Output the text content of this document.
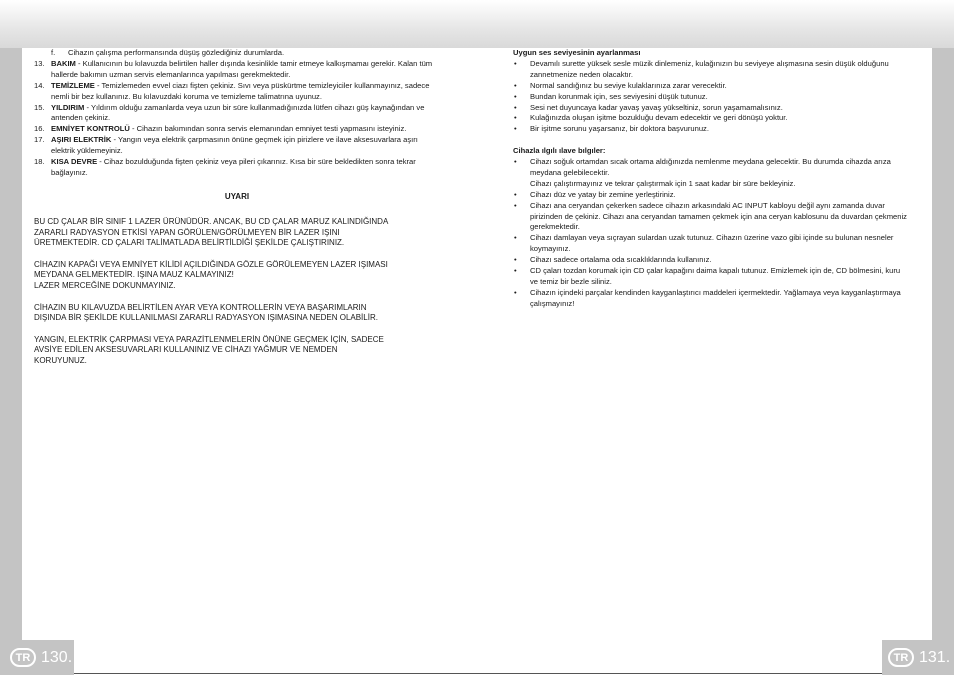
f. Cihazın çalışma performansında düşüş gözlediğiniz durumlarda.
13. BAKIM - Kullanıcının bu kılavuzda belirtilen haller dışında kesinlikle tamir etmeye kalkışmamaı gerekir. Kalan tüm hallerde bakımın uzman servis elemanlarınca yapılması gerekmektedir.
14. TEMİZLEME - Temizlemeden evvel ciazı fişten çekiniz. Sıvı veya püskürtme temizleyiciler kullanmayınız, sadece nemli bir bez kullanınız. Bu kılavuzdaki koruma ve temizleme talimatrına uyunuz.
15. YILDIRIM - Yıldırım olduğu zamanlarda veya uzun bir süre kullanmadığınızda lütfen cihazı güş kaynağından ve antenden çekiniz.
16. EMNİYET KONTROLÜ - Cihazın bakımından sonra servis elemanından emniyet testi yapmasını isteyiniz.
17. AŞIRI ELEKTRİK - Yangın veya elektrik çarpmasının önüne geçmek için pirizlere ve ilave aksesuvarlara aşırı elektrik yüklemeyiniz.
18. KISA DEVRE - Cihaz bozulduğunda fişten çekiniz veya pileri çıkarınız. Kısa bir süre bekledikten sonra tekrar bağlayınız.
UYARI

BU CD ÇALAR BİR SINIF 1 LAZER ÜRÜNÜDÜR. ANCAK, BU CD ÇALAR MARUZ KALINDIĞINDA
ZARARLI RADYASYON ETKİSİ YAPAN GÖRÜLEN/GÖRÜLMEYEN BİR LAZER IŞINI
ÜRETMEKTEDİR. CD ÇALARI TALİMATLADA BELİRTİLDİĞİ ŞEKİLDE ÇALIŞTIRINIZ.

CİHAZIN KAPAĞI VEYA EMNİYET KİLİDİ AÇILDIĞINDA GÖZLE GÖRÜLEMEYEN LAZER IŞIMASI
MEYDANA GELMEKTEDİR. IŞINA MAUZ KALMAYINIZ!
LAZER MERCEĞİNE DOKUNMAYINIZ.

CİHAZIN BU KILAVUZDA BELİRTİLEN AYAR VEYA KONTROLLERİN VEYA BAŞARIMLARIN
DIŞINDA BİR ŞEKİLDE KULLANILMASI ZARARLI RADYASYON IŞIMASINA NEDEN OLABİLİR.

YANGIN, ELEKTRİK ÇARPMASI VEYA PARAZİTLENMELERİN ÖNÜNE GEÇMEK İÇİN, SADECE
AVSİYE EDİLEN AKSESUVARLARI KULLANINIZ VE CİHAZI YAĞMUR VE NEMDEN
KORUYUNUZ.

Uygun ses seviyesinin ayarlanması
• Devamılı surette yüksek sesle müzik dinlemeniz, kulağınızın bu seviyeye alışmasına sesin düşük olduğunu zannetmenize neden olacaktır.
• Normal sandığınız bu seviye kulaklarınıza zarar verecektir.
• Bundan korunmak için, ses seviyesini düşük tutunuz.
• Sesi net duyuncaya kadar yavaş yavaş yükseltiniz, sorun yaşamamalısınız.
• Kulağınızda oluşan işitme bozukluğu devam edecektir ve geri dönüşü yoktur.
• Bir işitme sorunu yaşarsanız, bir doktora başvurunuz.
Cihazla ılgılı ılave bılgıler:
• Cihazı soğuk ortamdan sıcak ortama aldığınızda nemlenme meydana gelecektir. Bu durumda cihazda arıza meydana gelebilecektir.
Cihazı çalıştırmayınız ve tekrar çalıştırmak için 1 saat kadar bir süre bekleyiniz.
• Cihazı düz ve yatay bir zemine yerleştiriniz.
• Cihazı ana ceryandan çekerken sadece cihazın arkasındaki AC INPUT kabloyu değil aynı zamanda duvar pirizinden de çekiniz. Cihazı ana ceryandan tamamen çekmek için ana ceryan kablosunu da duvardan çekmeniz gerekmektedir.
• Cihazı damlayan veya sıçrayan sulardan uzak tutunuz. Cihazın üzerine vazo gibi içinde su bulunan nesneler koymayınız.
• Cihazı sadece ortalama oda sıcaklıklarında kullanınız.
• CD çaları tozdan korumak için CD çalar kapağını daima kapalı tutunuz. Emizlemek için de, CD bölmesini, kuru ve temiz bir bezle siliniz.
• Cihazın içindeki parçalar kendinden kayganlaştırıcı maddeleri içermektedir. Yağlamaya veya kayganlaştırmaya çalışmayınız!
TR 130.	TR 131.
